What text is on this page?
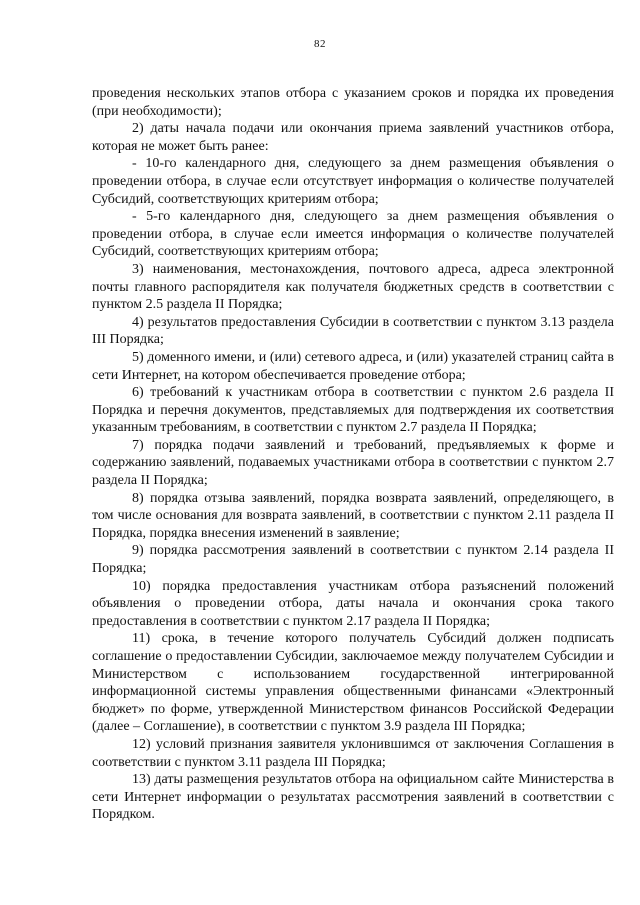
82

проведения нескольких этапов отбора с указанием сроков и порядка их проведения (при необходимости);

2) даты начала подачи или окончания приема заявлений участников отбора, которая не может быть ранее:

- 10-го календарного дня, следующего за днем размещения объявления о проведении отбора, в случае если отсутствует информация о количестве получателей Субсидий, соответствующих критериям отбора;

- 5-го календарного дня, следующего за днем размещения объявления о проведении отбора, в случае если имеется информация о количестве получателей Субсидий, соответствующих критериям отбора;

3) наименования, местонахождения, почтового адреса, адреса электронной почты главного распорядителя как получателя бюджетных средств в соответствии с пунктом 2.5 раздела II Порядка;

4) результатов предоставления Субсидии в соответствии с пунктом 3.13 раздела III Порядка;

5) доменного имени, и (или) сетевого адреса, и (или) указателей страниц сайта в сети Интернет, на котором обеспечивается проведение отбора;

6) требований к участникам отбора в соответствии с пунктом 2.6 раздела II Порядка и перечня документов, представляемых для подтверждения их соответствия указанным требованиям, в соответствии с пунктом 2.7 раздела II Порядка;

7) порядка подачи заявлений и требований, предъявляемых к форме и содержанию заявлений, подаваемых участниками отбора в соответствии с пунктом 2.7 раздела II Порядка;

8) порядка отзыва заявлений, порядка возврата заявлений, определяющего, в том числе основания для возврата заявлений, в соответствии с пунктом 2.11 раздела II Порядка, порядка внесения изменений в заявление;

9) порядка рассмотрения заявлений в соответствии с пунктом 2.14 раздела II Порядка;

10) порядка предоставления участникам отбора разъяснений положений объявления о проведении отбора, даты начала и окончания срока такого предоставления в соответствии с пунктом 2.17 раздела II Порядка;

11) срока, в течение которого получатель Субсидий должен подписать соглашение о предоставлении Субсидии, заключаемое между получателем Субсидии и Министерством с использованием государственной интегрированной информационной системы управления общественными финансами «Электронный бюджет» по форме, утвержденной Министерством финансов Российской Федерации (далее – Соглашение), в соответствии с пунктом 3.9 раздела III Порядка;

12) условий признания заявителя уклонившимся от заключения Соглашения в соответствии с пунктом 3.11 раздела III Порядка;

13) даты размещения результатов отбора на официальном сайте Министерства в сети Интернет информации о результатах рассмотрения заявлений в соответствии с Порядком.
